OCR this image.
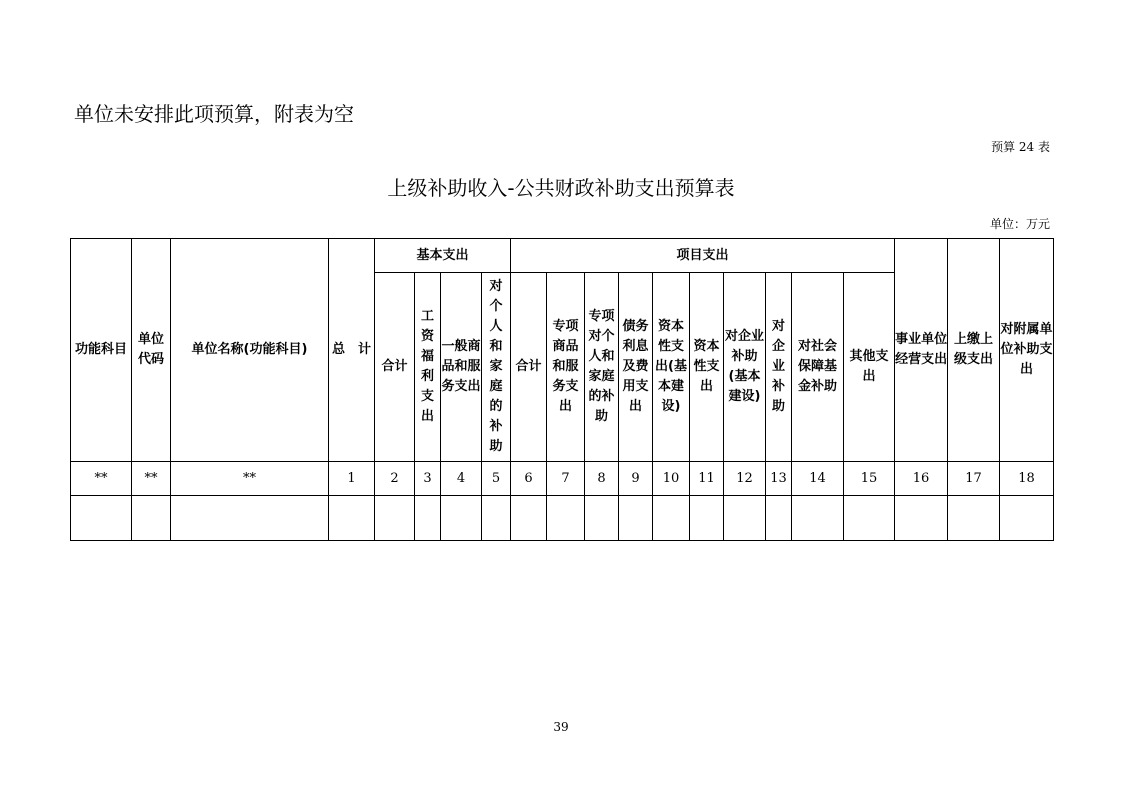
单位未安排此项预算，附表为空
预算 24 表
上级补助收入-公共财政补助支出预算表
单位：万元
功能科目	单位代码	单位名称(功能科目)	总　计	基本支出				项目支出										事业单位经营支出	上缴上级支出	对附属单位补助支出
				合计	工资福利支出	一般商品和服务支出	对个人和家庭的补助	合计	专项商品和服务支出	专项对个人和家庭的补助	债务利息及费用支出	资本性支出(基本建设)	资本性支出	对企业补助(基本建设)	对企业补助	对社会保障基金补助	其他支出			
**	**	**	1	2	3	4	5	6	7	8	9	10	11	12	13	14	15	16	17	18

39
